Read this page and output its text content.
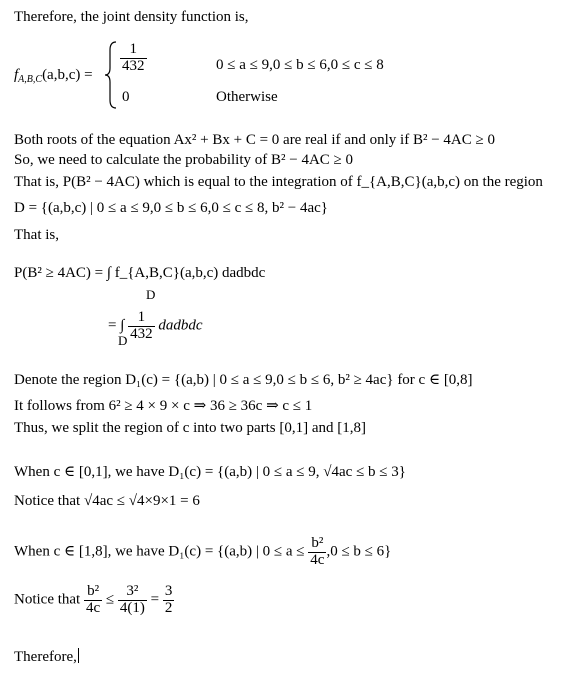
Therefore, the joint density function is,
$f_{A,B,C}(a,b,c)$ =
$\frac{1}{432}$	0 ≤ a ≤ 9,0 ≤ b ≤ 6,0 ≤ c ≤ 8
0	Otherwise
Both roots of the equation Ax² + Bx + C = 0 are real if and only if B² − 4AC ≥ 0
So, we need to calculate the probability of B² − 4AC ≥ 0
That is, P(B² − 4AC) which is equal to the integration of f_{A,B,C}(a,b,c) on the region
D = {(a,b,c) | 0 ≤ a ≤ 9,0 ≤ b ≤ 6,0 ≤ c ≤ 8, b² − 4ac}
That is,
P(B² ≥ 4AC) = ∫ f_{A,B,C}(a,b,c) dadbdc
D
= ∫ $\frac{1}{432}$ dadbdc
D
Denote the region D₁(c) = {(a,b) | 0 ≤ a ≤ 9,0 ≤ b ≤ 6, b² ≥ 4ac} for c ∈ [0,8]
It follows from 6² ≥ 4 × 9 × c ⇒ 36 ≥ 36c ⇒ c ≤ 1
Thus, we split the region of c into two parts [0,1] and [1,8]
When c ∈ [0,1], we have D₁(c) = {(a,b) | 0 ≤ a ≤ 9, √4ac ≤ b ≤ 3}
Notice that √4ac ≤ √4×9×1 = 6
When c ∈ [1,8], we have D₁(c) = {(a,b) | $0 \le a \le \frac{\text{b²}}{4c} ,0 \le b \le 6$}
Notice that $\frac{\text{b²}}{4c} \le \frac{\text{3²}}{4(1)} = \frac{3}{2}$
Therefore,
